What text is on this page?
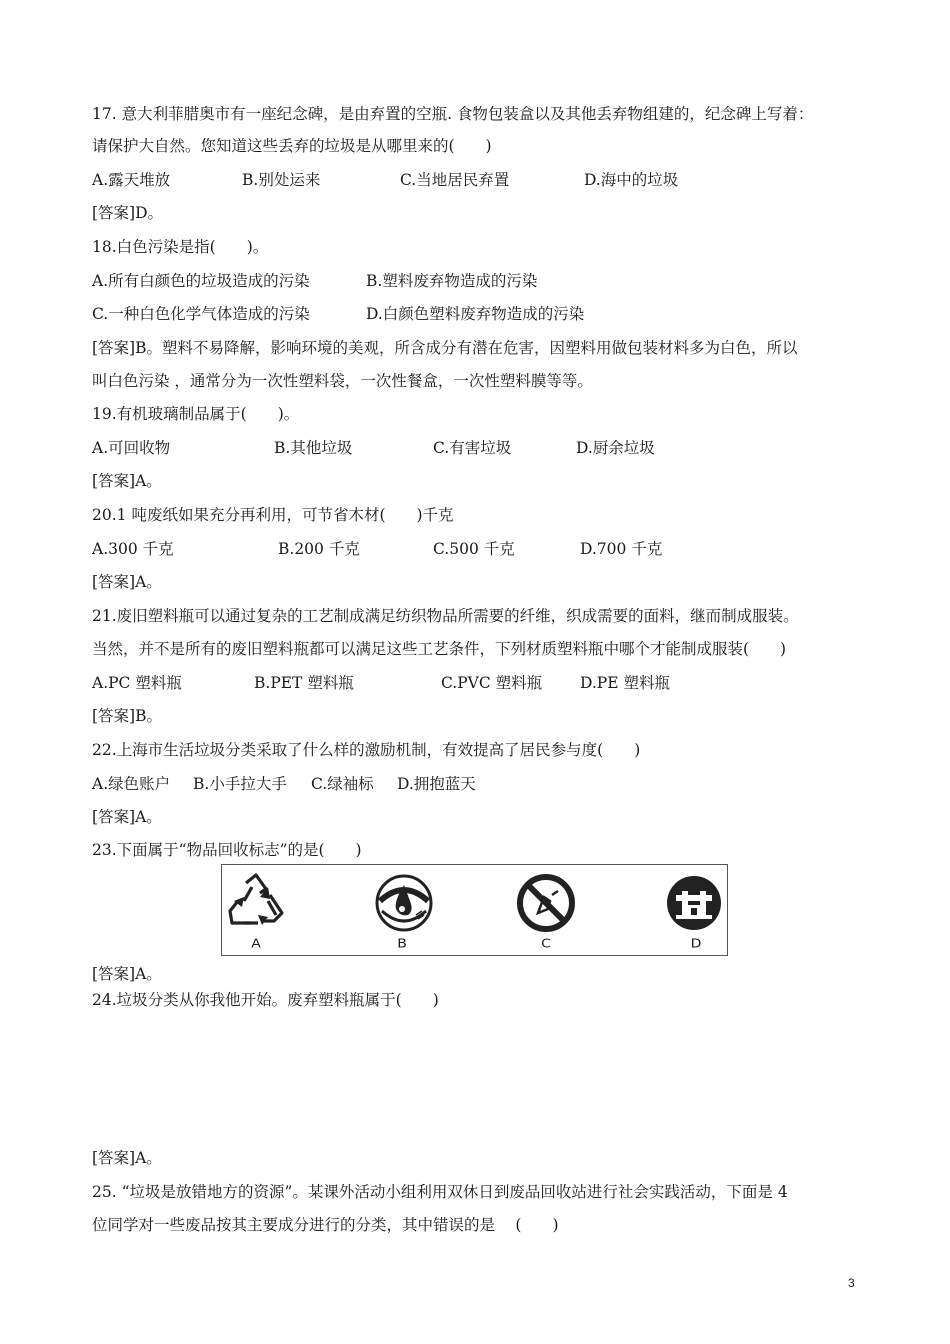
17. 意大利菲腊奥市有一座纪念碑，是由弃置的空瓶. 食物包装盒以及其他丢弃物组建的，纪念碑上写着：
请保护大自然。您知道这些丢弃的垃圾是从哪里来的(　　)
A.露天堆放	B.别处运来	C.当地居民弃置	D.海中的垃圾
[答案]D。
18.白色污染是指(　　)。
A.所有白颜色的垃圾造成的污染	B.塑料废弃物造成的污染
C.一种白色化学气体造成的污染	D.白颜色塑料废弃物造成的污染
[答案]B。塑料不易降解，影响环境的美观，所含成分有潜在危害，因塑料用做包装材料多为白色，所以
叫白色污染 ，通常分为一次性塑料袋，一次性餐盒，一次性塑料膜等等。
19.有机玻璃制品属于(　　)。
A.可回收物	B.其他垃圾	C.有害垃圾	D.厨余垃圾
[答案]A。
20.1 吨废纸如果充分再利用，可节省木材(　　)千克
A.300 千克	B.200 千克	C.500 千克	D.700 千克
[答案]A。
21.废旧塑料瓶可以通过复杂的工艺制成满足纺织物品所需要的纤维，织成需要的面料，继而制成服装。
当然，并不是所有的废旧塑料瓶都可以满足这些工艺条件，下列材质塑料瓶中哪个才能制成服装(　　)
A.PC 塑料瓶	B.PET 塑料瓶	C.PVC 塑料瓶 D.PE 塑料瓶
[答案]B。
22.上海市生活垃圾分类采取了什么样的激励机制，有效提高了居民参与度(　　)
A.绿色账户 B.小手拉大手 C.绿袖标 D.拥抱蓝天
[答案]A。
23.下面属于“物品回收标志”的是(　　)
A	B	C	D
[答案]A。
24.垃圾分类从你我他开始。废弃塑料瓶属于(　　)
[答案]A。
25. “垃圾是放错地方的资源”。某课外活动小组利用双休日到废品回收站进行社会实践活动，下面是 4
位同学对一些废品按其主要成分进行的分类，其中错误的是　 (　　)
3
